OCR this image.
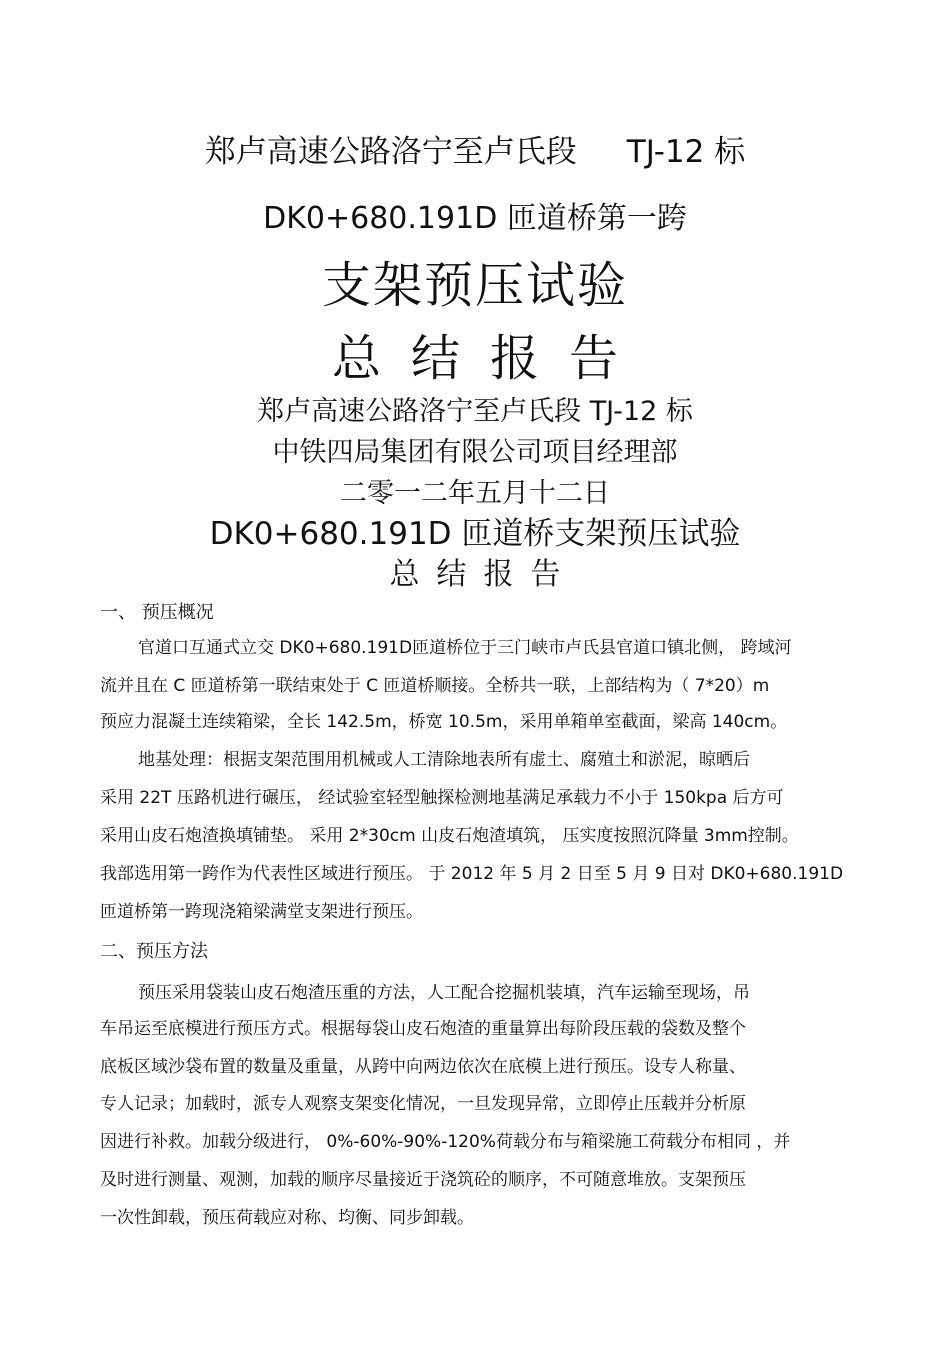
郑卢高速公路洛宁至卢氏段 TJ-12 标
DK0+680.191D 匝道桥第一跨
支架预压试验
总结报告
郑卢高速公路洛宁至卢氏段 TJ-12 标
中铁四局集团有限公司项目经理部
二零一二年五月十二日
DK0+680.191D 匝道桥支架预压试验
总结报告
一、 预压概况
官道口互通式立交 DK0+680.191D匝道桥位于三门峡市卢氏县官道口镇北侧， 跨域河
流并且在 C 匝道桥第一联结束处于 C 匝道桥顺接。全桥共一联，上部结构为（ 7*20）m
预应力混凝土连续箱梁，全长 142.5m，桥宽 10.5m，采用单箱单室截面，梁高 140cm。
地基处理：根据支架范围用机械或人工清除地表所有虚土、腐殖土和淤泥，晾晒后
采用 22T 压路机进行碾压， 经试验室轻型触探检测地基满足承载力不小于 150kpa 后方可
采用山皮石炮渣换填铺垫。 采用 2*30cm 山皮石炮渣填筑， 压实度按照沉降量 3mm控制。
我部选用第一跨作为代表性区域进行预压。 于 2012 年 5 月 2 日至 5 月 9 日对 DK0+680.191D
匝道桥第一跨现浇箱梁满堂支架进行预压。
二、预压方法
预压采用袋装山皮石炮渣压重的方法，人工配合挖掘机装填，汽车运输至现场，吊
车吊运至底模进行预压方式。根据每袋山皮石炮渣的重量算出每阶段压载的袋数及整个
底板区域沙袋布置的数量及重量，从跨中向两边依次在底模上进行预压。设专人称量、
专人记录；加载时，派专人观察支架变化情况，一旦发现异常，立即停止压载并分析原
因进行补救。加载分级进行， 0%-60%-90%-120%荷载分布与箱梁施工荷载分布相同 ，并
及时进行测量、观测，加载的顺序尽量接近于浇筑砼的顺序，不可随意堆放。支架预压
一次性卸载，预压荷载应对称、均衡、同步卸载。
